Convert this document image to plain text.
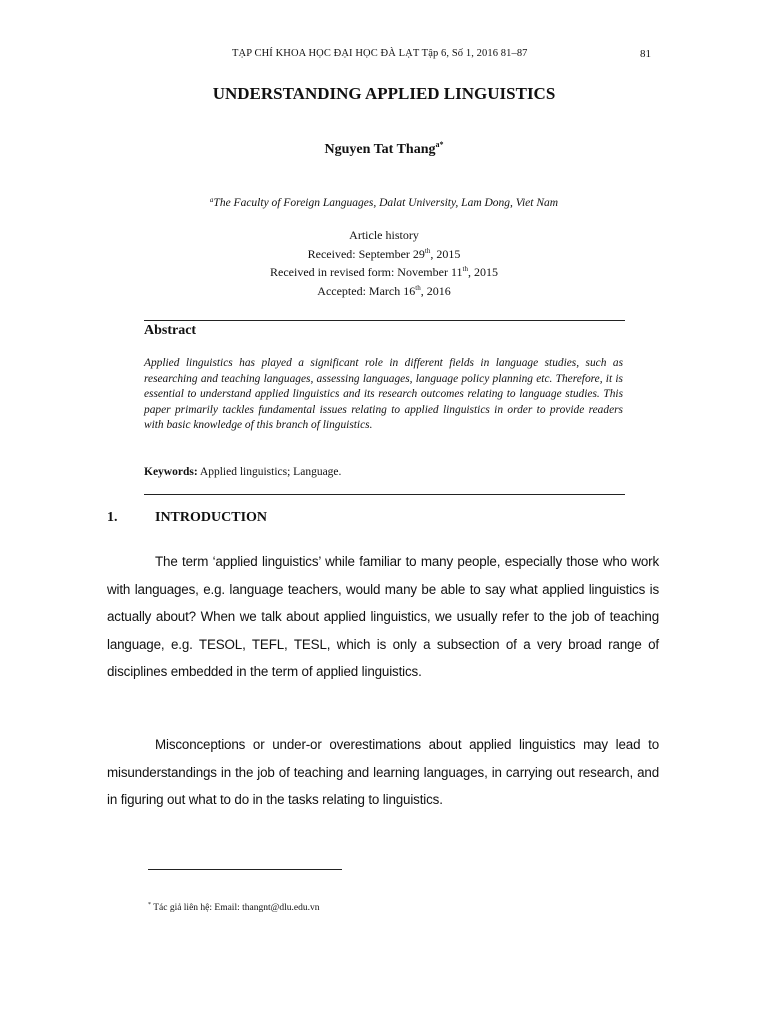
TẠP CHÍ KHOA HỌC ĐẠI HỌC ĐÀ LẠT Tập 6, Số 1, 2016 81–87	81
UNDERSTANDING APPLIED LINGUISTICS
Nguyen Tat Thang$^{a*}$
$^a$The Faculty of Foreign Languages, Dalat University, Lam Dong, Viet Nam
Article history
Received: September 29th, 2015
Received in revised form: November 11th, 2015
Accepted: March 16th, 2016
Abstract
Applied linguistics has played a significant role in different fields in language studies, such as researching and teaching languages, assessing languages, language policy planning etc. Therefore, it is essential to understand applied linguistics and its research outcomes relating to language studies. This paper primarily tackles fundamental issues relating to applied linguistics in order to provide readers with basic knowledge of this branch of linguistics.
Keywords: Applied linguistics; Language.
1.	INTRODUCTION
The term ‘applied linguistics’ while familiar to many people, especially those who work with languages, e.g. language teachers, would many be able to say what applied linguistics is actually about? When we talk about applied linguistics, we usually refer to the job of teaching language, e.g. TESOL, TEFL, TESL, which is only a subsection of a very broad range of disciplines embedded in the term of applied linguistics.
Misconceptions or under-or overestimations about applied linguistics may lead to misunderstandings in the job of teaching and learning languages, in carrying out research, and in figuring out what to do in the tasks relating to linguistics.
* Tác giả liên hệ: Email: thangnt@dlu.edu.vn
